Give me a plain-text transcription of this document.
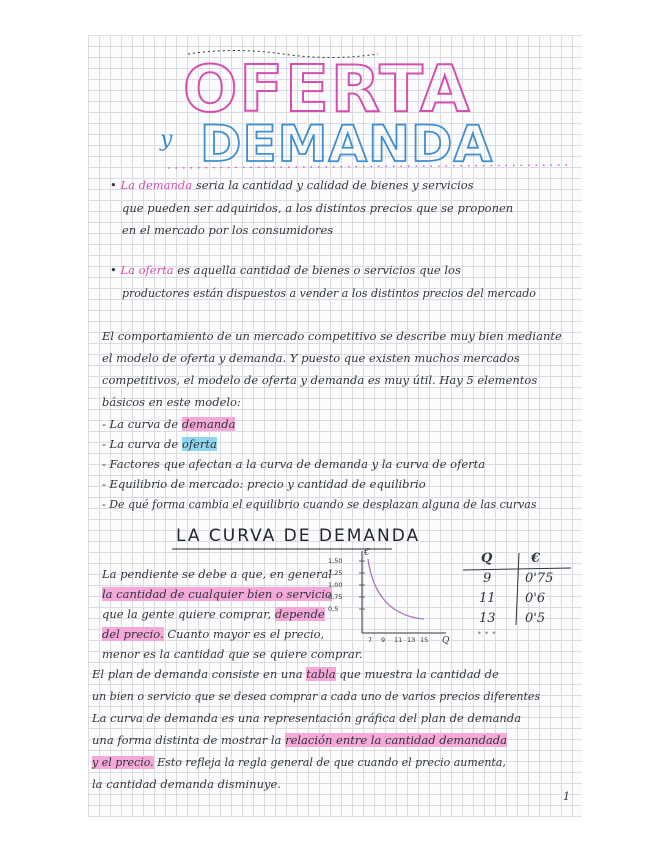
OFERTA
y DEMANDA
• La demanda seria la cantidad y calidad de bienes y servicios
que pueden ser adquiridos, a los distintos precios que se proponen
en el mercado por los consumidores
• La oferta es aquella cantidad de bienes o servicios que los
productores están dispuestos a vender a los distintos precios del mercado
El comportamiento de un mercado competitivo se describe muy bien mediante
el modelo de oferta y demanda. Y puesto que existen muchos mercados
competitivos, el modelo de oferta y demanda es muy útil. Hay 5 elementos
básicos en este modelo:
- La curva de demanda
- La curva de oferta
- Factores que afectan a la curva de demanda y la curva de oferta
- Equilibrio de mercado: precio y cantidad de equilibrio
- De qué forma cambia el equilibrio cuando se desplazan alguna de las curvas
LA CURVA DE DEMANDA
La pendiente se debe a que, en general
la cantidad de cualquier bien o servicio
que la gente quiere comprar, depende
del precio. Cuanto mayor es el precio,
menor es la cantidad que se quiere comprar.
€
Q
1,50
1,25
1,00
0,75
0,5
7 9 11 13 15
Q	€
9	0'75
11 0'6
13 0'5
• • •
El plan de demanda consiste en una tabla que muestra la cantidad de
un bien o servicio que se desea comprar a cada uno de varios precios diferentes
La curva de demanda es una representación gráfica del plan de demanda
una forma distinta de mostrar la relación entre la cantidad demandada
y el precio. Esto refleja la regla general de que cuando el precio aumenta,
la cantidad demanda disminuye.
1
